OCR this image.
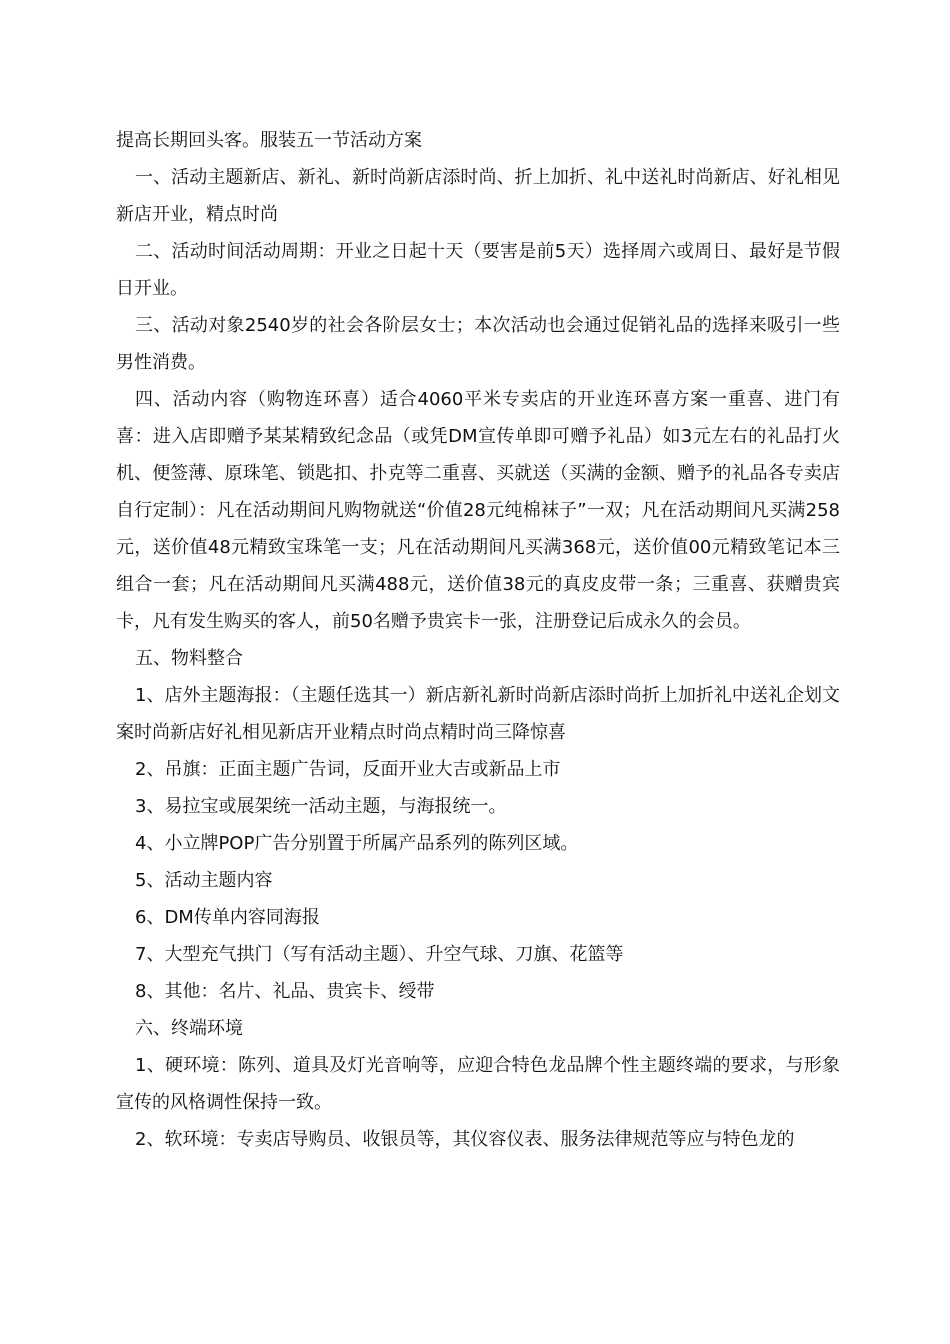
提高长期回头客。服装五一节活动方案

一、活动主题新店、新礼、新时尚新店添时尚、折上加折、礼中送礼时尚新店、好礼相见新店开业，精点时尚

二、活动时间活动周期：开业之日起十天（要害是前5天）选择周六或周日、最好是节假日开业。

三、活动对象2540岁的社会各阶层女士；本次活动也会通过促销礼品的选择来吸引一些男性消费。

四、活动内容（购物连环喜）适合4060平米专卖店的开业连环喜方案一重喜、进门有喜：进入店即赠予某某精致纪念品（或凭DM宣传单即可赠予礼品）如3元左右的礼品打火机、便签薄、原珠笔、锁匙扣、扑克等二重喜、买就送（买满的金额、赠予的礼品各专卖店自行定制）：凡在活动期间凡购物就送“价值28元纯棉袜子”一双；凡在活动期间凡买满258元，送价值48元精致宝珠笔一支；凡在活动期间凡买满368元，送价值00元精致笔记本三组合一套；凡在活动期间凡买满488元，送价值38元的真皮皮带一条；三重喜、获赠贵宾卡，凡有发生购买的客人，前50名赠予贵宾卡一张，注册登记后成永久的会员。

五、物料整合

1、店外主题海报：（主题任选其一）新店新礼新时尚新店添时尚折上加折礼中送礼企划文案时尚新店好礼相见新店开业精点时尚点精时尚三降惊喜

2、吊旗：正面主题广告词，反面开业大吉或新品上市

3、易拉宝或展架统一活动主题，与海报统一。

4、小立牌POP广告分别置于所属产品系列的陈列区域。

5、活动主题内容

6、DM传单内容同海报

7、大型充气拱门（写有活动主题）、升空气球、刀旗、花篮等

8、其他：名片、礼品、贵宾卡、绶带

六、终端环境

1、硬环境：陈列、道具及灯光音响等，应迎合特色龙品牌个性主题终端的要求，与形象宣传的风格调性保持一致。

2、软环境：专卖店导购员、收银员等，其仪容仪表、服务法律规范等应与特色龙的
